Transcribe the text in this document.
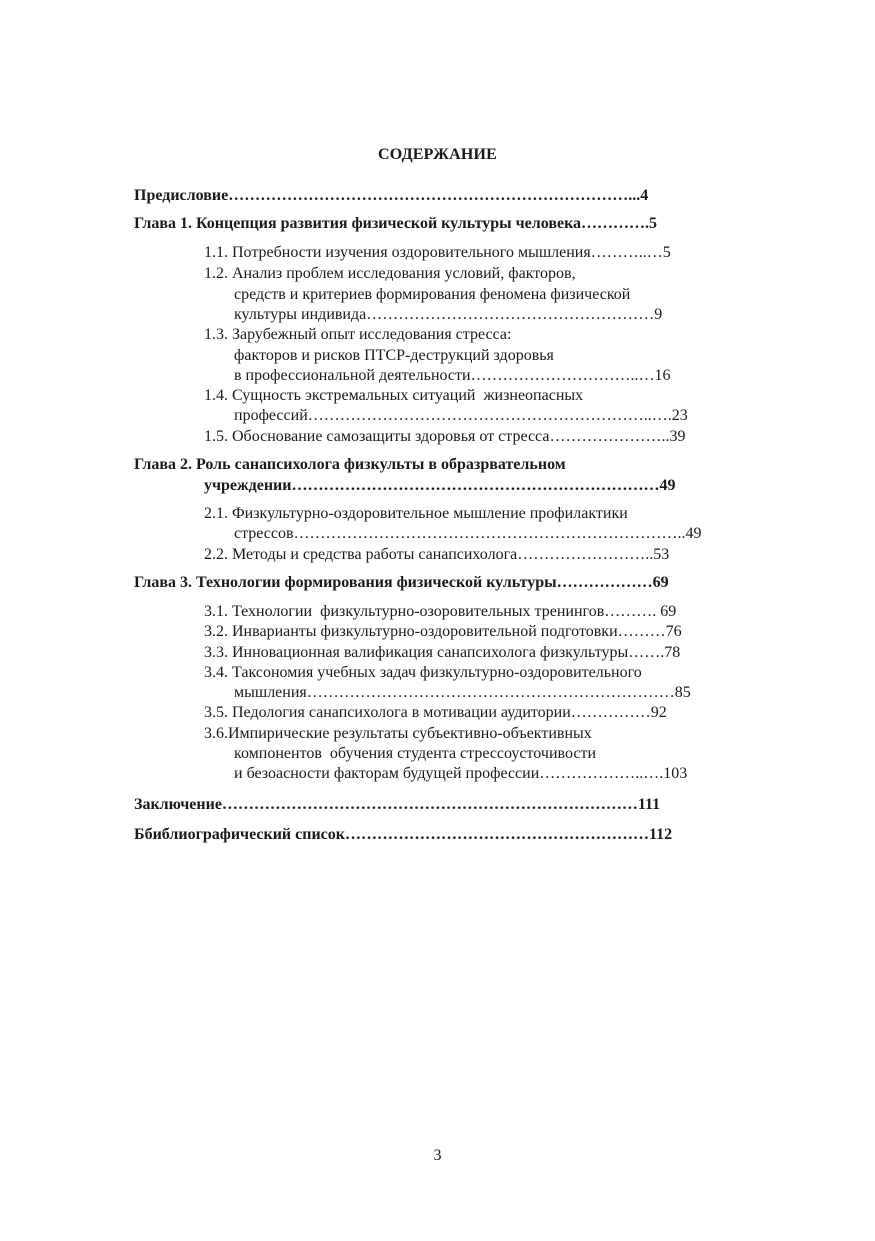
СОДЕРЖАНИЕ
Предисловие…………………………………………………………………...4
Глава 1. Концепция развития физической культуры человека………….5
1.1. Потребности изучения оздоровительного мышления………..…5
1.2. Анализ проблем исследования условий, факторов,
средств и критериев формирования феномена физической
культуры индивида………………………………………………9
1.3. Зарубежный опыт исследования стресса:
факторов и рисков ПТСР-деструкций здоровья
в профессиональной деятельности…………………………..…16
1.4. Сущность экстремальных ситуаций  жизнеопасных
профессий………………………………………………………..….23
1.5. Обоснование самозащиты здоровья от стресса…………………..39
Глава 2. Роль санапсихолога физкульты в образрвательном
учреждении……………………………………………………………49
2.1. Физкультурно-оздоровительное мышление профилактики
стрессов………………………………………………………………..49
2.2. Методы и средства работы санапсихолога……………………..53
Глава 3. Технологии формирования физической культуры………………69
3.1. Технологии  физкультурно-озоровительных тренингов………. 69
3.2. Инварианты физкультурно-оздоровительной подготовки………76
3.3. Инновационная валификация санапсихолога физкультуры…….78
3.4. Таксономия учебных задач физкультурно-оздоровительного
мышления……………………………………………………………85
3.5. Педология санапсихолога в мотивации аудитории……………92
3.6.Импирические результаты субъективно-объективных
компонентов  обучения студента стрессоусточивости
и безоасности факторам будущей профессии………………..….103
Заключение……………………………………………………………………111
Ббиблиографический список…………………………………………………112
3
